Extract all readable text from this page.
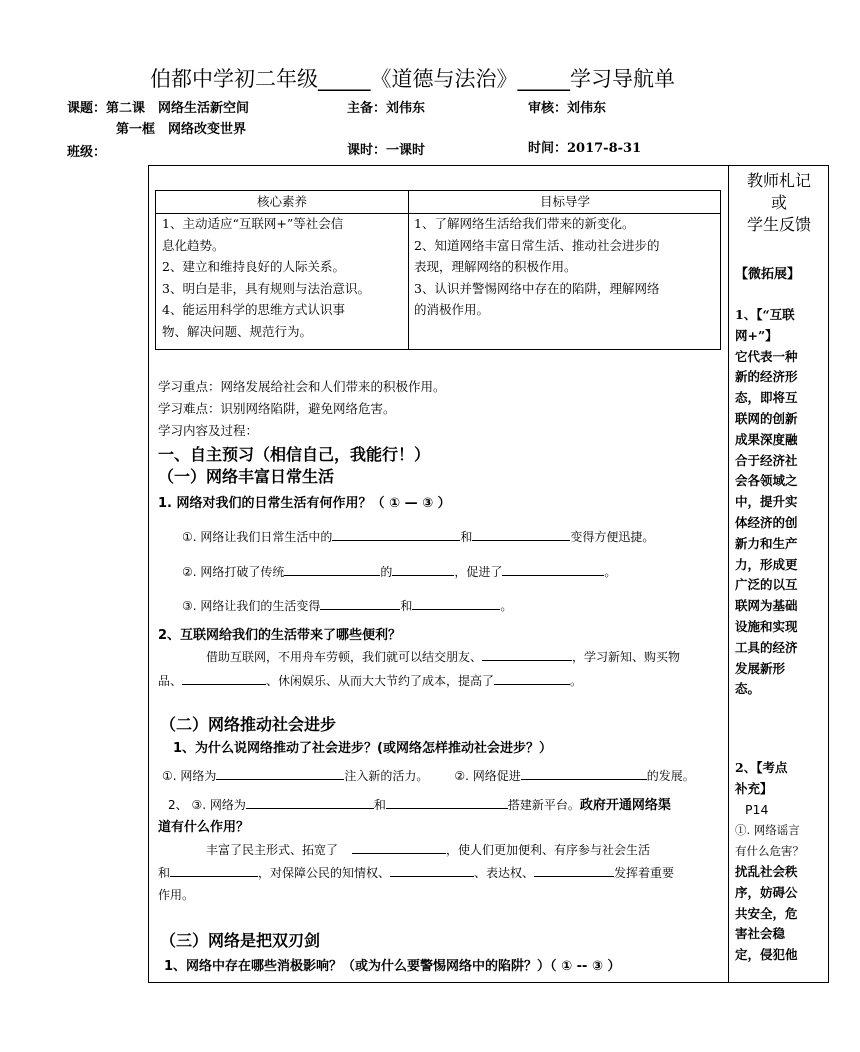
伯都中学初二年级_____《道德与法治》_____学习导航单
课题：第二课　网络生活新空间
第一框　网络改变世界
班级：
主备：刘伟东	审核：刘伟东
课时：一课时	时间：2017-8-31
核心素养	目标导学
1、主动适应“互联网+”等社会信
息化趋势。
2、建立和维持良好的人际关系。
3、明白是非，具有规则与法治意识。
4、能运用科学的思维方式认识事
物、解决问题、规范行为。
1、了解网络生活给我们带来的新变化。
2、知道网络丰富日常生活、推动社会进步的
表现，理解网络的积极作用。
3、认识并警惕网络中存在的陷阱，理解网络
的消极作用。
学习重点：网络发展给社会和人们带来的积极作用。
学习难点：识别网络陷阱，避免网络危害。
学习内容及过程：
一、自主预习（相信自己，我能行！）
（一）网络丰富日常生活
1. 网络对我们的日常生活有何作用？（ ① — ③ ）
①. 网络让我们日常生活中的	和	变得方便迅捷。
②. 网络打破了传统	的	，促进了	。
③. 网络让我们的生活变得	和	。
2、互联网给我们的生活带来了哪些便利？
借助互联网，不用舟车劳顿，我们就可以结交朋友、	，学习新知、购买物
品、	、休闲娱乐、从而大大节约了成本，提高了	。
（二）网络推动社会进步
1、为什么说网络推动了社会进步？(或网络怎样推动社会进步？）
①. 网络为	注入新的活力。 ②. 网络促进	的发展。
2、 ③. 网络为	和	搭建新平台。政府开通网络渠
道有什么作用？
丰富了民主形式、拓宽了	，使人们更加便利、有序参与社会生活
和	，对保障公民的知情权、	、表达权、	发挥着重要
作用。
（三）网络是把双刃剑
1、网络中存在哪些消极影响？（或为什么要警惕网络中的陷阱？）（ ① -- ③ ）
教师札记
或
学生反馈
【微拓展】
1、【“互联
网+”】
它代表一种
新的经济形
态，即将互
联网的创新
成果深度融
合于经济社
会各领域之
中，提升实
体经济的创
新力和生产
力，形成更
广泛的以互
联网为基础
设施和实现
工具的经济
发展新形
态。
2、【考点
补充】
P14
①. 网络谣言
有什么危害？
扰乱社会秩
序，妨碍公
共安全，危
害社会稳
定，侵犯他
